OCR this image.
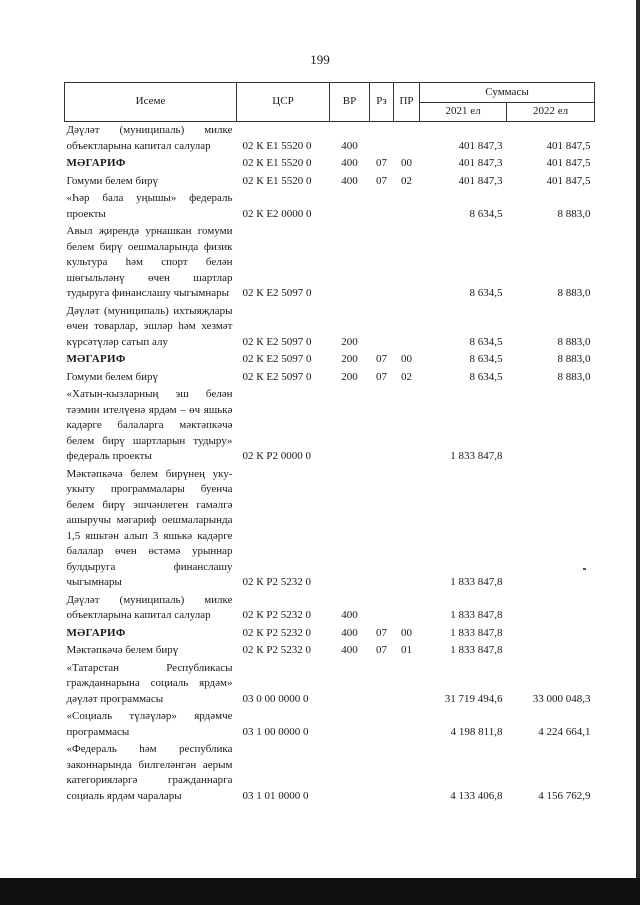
199
Исеме	ЦСР	ВР	Рз	ПР	Суммасы	
					2021 ел	2022 ел
Дәүләт (муниципаль) милке объектларына капитал салулар	02 К Е1 5520 0	400			401 847,3	401 847,5
МӘГАРИФ	02 К Е1 5520 0	400	07	00	401 847,3	401 847,5
Гомуми белем бирү	02 К Е1 5520 0	400	07	02	401 847,3	401 847,5
«Һәр бала уңышы» федераль проекты	02 К Е2 0000 0				8 634,5	8 883,0
Авыл җирендә урнашкан гомуми белем бирү оешмаларында физик культура һәм спорт белән шөгыльләнү өчен шартлар тудыруга финанслашу чыгымнары	02 К Е2 5097 0				8 634,5	8 883,0
Дәүләт (муниципаль) ихтыяҗлары өчен товарлар, эшләр һәм хезмәт күрсәтүләр сатып алу	02 К Е2 5097 0	200			8 634,5	8 883,0
МӘГАРИФ	02 К Е2 5097 0	200	07	00	8 634,5	8 883,0
Гомуми белем бирү	02 К Е2 5097 0	200	07	02	8 634,5	8 883,0
«Хатын-кызларның эш белән тәэмин ителүенә ярдәм – өч яшькә кадәрге балаларга мәктәпкәчә белем бирү шартларын тудыру» федераль проекты	02 К Р2 0000 0				1 833 847,8	
Мәктәпкәчә белем бирүнең уку-укыту программалары буенча белем бирү эшчәнлеген гамәлгә ашыручы мәгариф оешмаларында 1,5 яшьтән алып 3 яшькә кадәрге балалар өчен өстәмә урыннар булдыруга финанслашу чыгымнары	02 К Р2 5232 0				1 833 847,8	
Дәүләт (муниципаль) милке объектларына капитал салулар	02 К Р2 5232 0	400			1 833 847,8	
МӘГАРИФ	02 К Р2 5232 0	400	07	00	1 833 847,8	
Мәктәпкәчә белем бирү	02 К Р2 5232 0	400	07	01	1 833 847,8	
«Татарстан Республикасы гражданнарына социаль ярдәм» дәүләт программасы	03 0 00 0000 0				31 719 494,6	33 000 048,3
«Социаль түләүләр» ярдәмче программасы	03 1 00 0000 0				4 198 811,8	4 224 664,1
«Федераль һәм республика законнарында билгеләнгән аерым категорияләргә гражданнарга социаль ярдәм чаралары	03 1 01 0000 0				4 133 406,8	4 156 762,9
